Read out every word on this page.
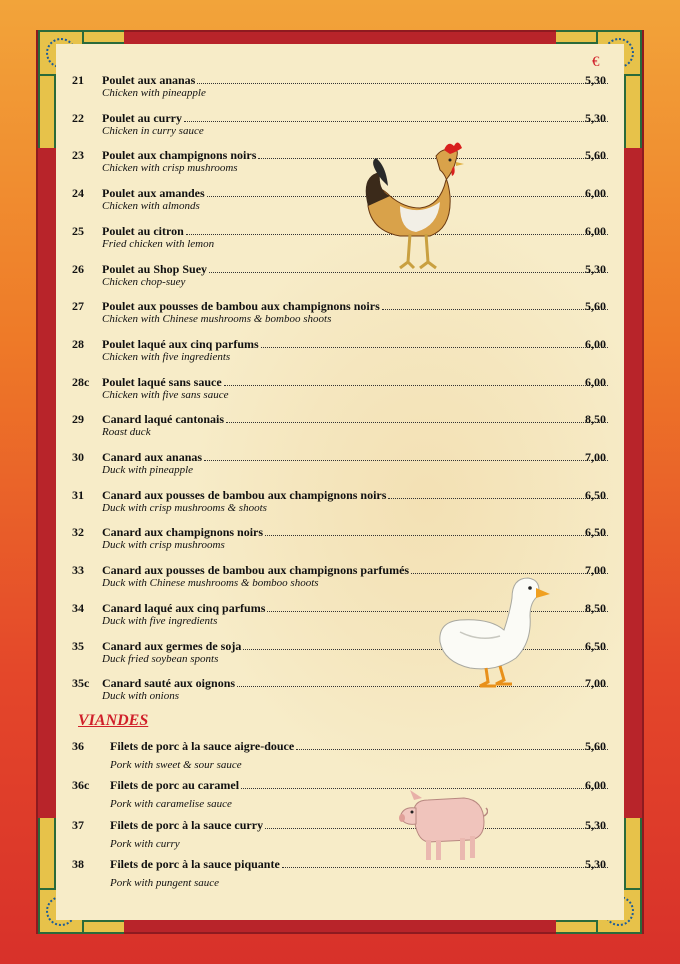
€
21 Poulet aux ananas	5,30
Chicken with pineapple
22 Poulet au curry	5,30
Chicken in curry sauce
23 Poulet aux champignons noirs	5,60
Chicken with crisp mushrooms
24 Poulet aux amandes	6,00
Chicken with almonds
25 Poulet au citron	6,00
Fried chicken with lemon
26 Poulet au Shop Suey	5,30
Chicken chop-suey
27 Poulet aux pousses de bambou aux champignons noirs	5,60
Chicken with Chinese mushrooms & bomboo shoots
28 Poulet laqué aux cinq parfums	6,00
Chicken with five ingredients
28c Poulet laqué sans sauce	6,00
Chicken with five sans sauce
29 Canard laqué cantonais	8,50
Roast duck
30 Canard aux ananas	7,00
Duck with pineapple
31 Canard aux pousses de bambou aux champignons noirs	6,50
Duck with crisp mushrooms & shoots
32 Canard aux champignons noirs	6,50
Duck with crisp mushrooms
33 Canard aux pousses de bambou aux champignons parfumés	7,00
Duck with Chinese mushrooms & bomboo shoots
34 Canard laqué aux cinq parfums	8,50
Duck with five ingredients
35 Canard aux germes de soja	6,50
Duck fried soybean sponts
35c Canard sauté aux oignons	7,00
Duck with onions
VIANDES
36 Filets de porc à la sauce aigre-douce	5,60
Pork with sweet & sour sauce
36c Filets de porc au caramel	6,00
Pork with caramelise sauce
37 Filets de porc à la sauce curry	5,30
Pork with curry
38 Filets de porc à la sauce piquante	5,30
Pork with pungent sauce
